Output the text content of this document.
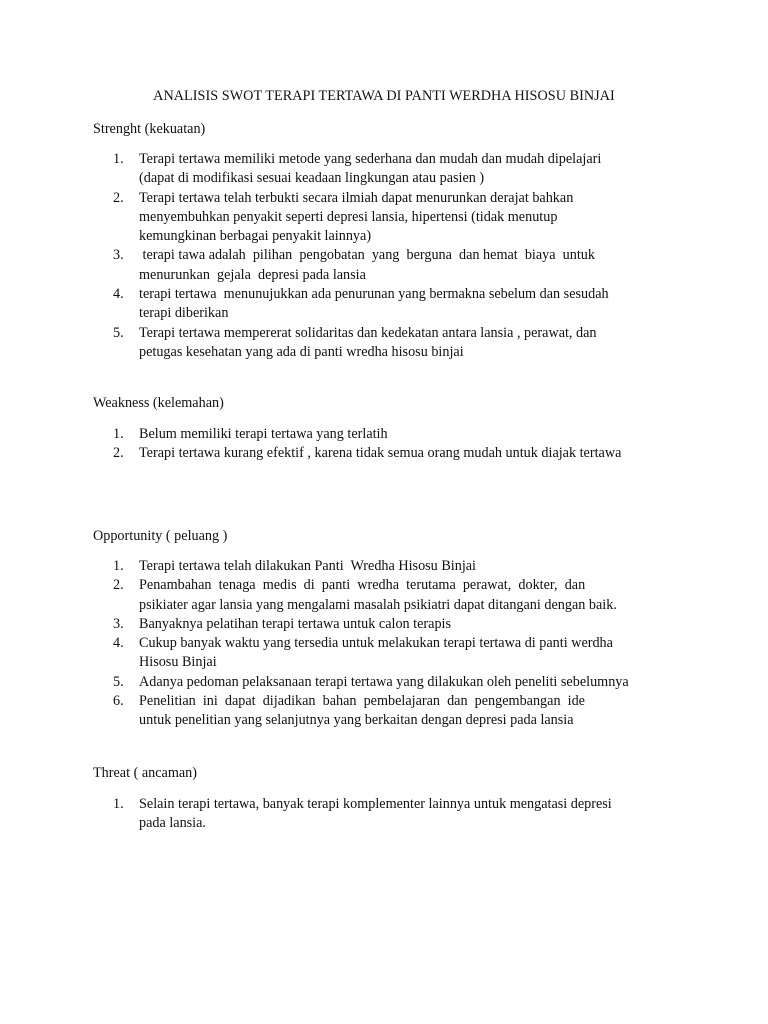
ANALISIS SWOT TERAPI TERTAWA DI PANTI WERDHA HISOSU BINJAI
Strenght (kekuatan)
1.	Terapi tertawa memiliki metode yang sederhana dan mudah dan mudah dipelajari
(dapat di modifikasi sesuai keadaan lingkungan atau pasien )
2.	Terapi tertawa telah terbukti secara ilmiah dapat menurunkan derajat bahkan
menyembuhkan penyakit seperti depresi lansia, hipertensi (tidak menutup
kemungkinan berbagai penyakit lainnya)
3.	terapi tawa adalah  pilihan  pengobatan  yang  berguna  dan hemat  biaya  untuk
menurunkan  gejala  depresi pada lansia
4.	terapi tertawa  menunujukkan ada penurunan yang bermakna sebelum dan sesudah
terapi diberikan
5.	Terapi tertawa mempererat solidaritas dan kedekatan antara lansia , perawat, dan
petugas kesehatan yang ada di panti wredha hisosu binjai
Weakness (kelemahan)
1.	Belum memiliki terapi tertawa yang terlatih
2.	Terapi tertawa kurang efektif , karena tidak semua orang mudah untuk diajak tertawa
Opportunity ( peluang )
1.	Terapi tertawa telah dilakukan Panti  Wredha Hisosu Binjai
2.	Penambahan  tenaga  medis  di  panti  wredha  terutama  perawat,  dokter,  dan
psikiater agar lansia yang mengalami masalah psikiatri dapat ditangani dengan baik.
3.	Banyaknya pelatihan terapi tertawa untuk calon terapis
4.	Cukup banyak waktu yang tersedia untuk melakukan terapi tertawa di panti werdha
Hisosu Binjai
5.	Adanya pedoman pelaksanaan terapi tertawa yang dilakukan oleh peneliti sebelumnya
6.	Penelitian  ini  dapat  dijadikan  bahan  pembelajaran  dan  pengembangan  ide
untuk penelitian yang selanjutnya yang berkaitan dengan depresi pada lansia
Threat ( ancaman)
1.	Selain terapi tertawa, banyak terapi komplementer lainnya untuk mengatasi depresi
pada lansia.
